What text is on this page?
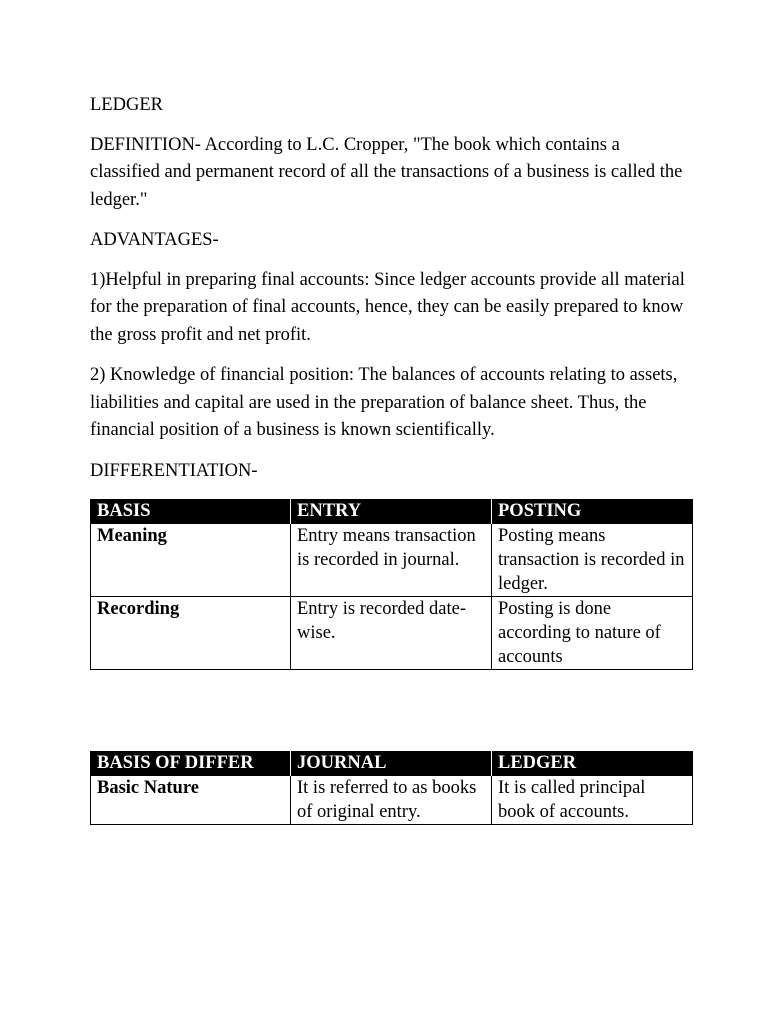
LEDGER

DEFINITION- According to L.C. Cropper, "The book which contains a classified and permanent record of all the transactions of a business is called the ledger."

ADVANTAGES-

1)Helpful in preparing final accounts: Since ledger accounts provide all material for the preparation of final accounts, hence, they can be easily prepared to know the gross profit and net profit.

2) Knowledge of financial position: The balances of accounts relating to assets, liabilities and capital are used in the preparation of balance sheet. Thus, the financial position of a business is known scientifically.

DIFFERENTIATION-

BASIS	ENTRY	POSTING
Meaning	Entry means transaction is recorded in journal.	Posting means transaction is recorded in ledger.
Recording	Entry is recorded date-wise.	Posting is done according to nature of accounts
BASIS OF DIFFER	JOURNAL	LEDGER
Basic Nature	It is referred to as books of original entry.	It is called principal book of accounts.
